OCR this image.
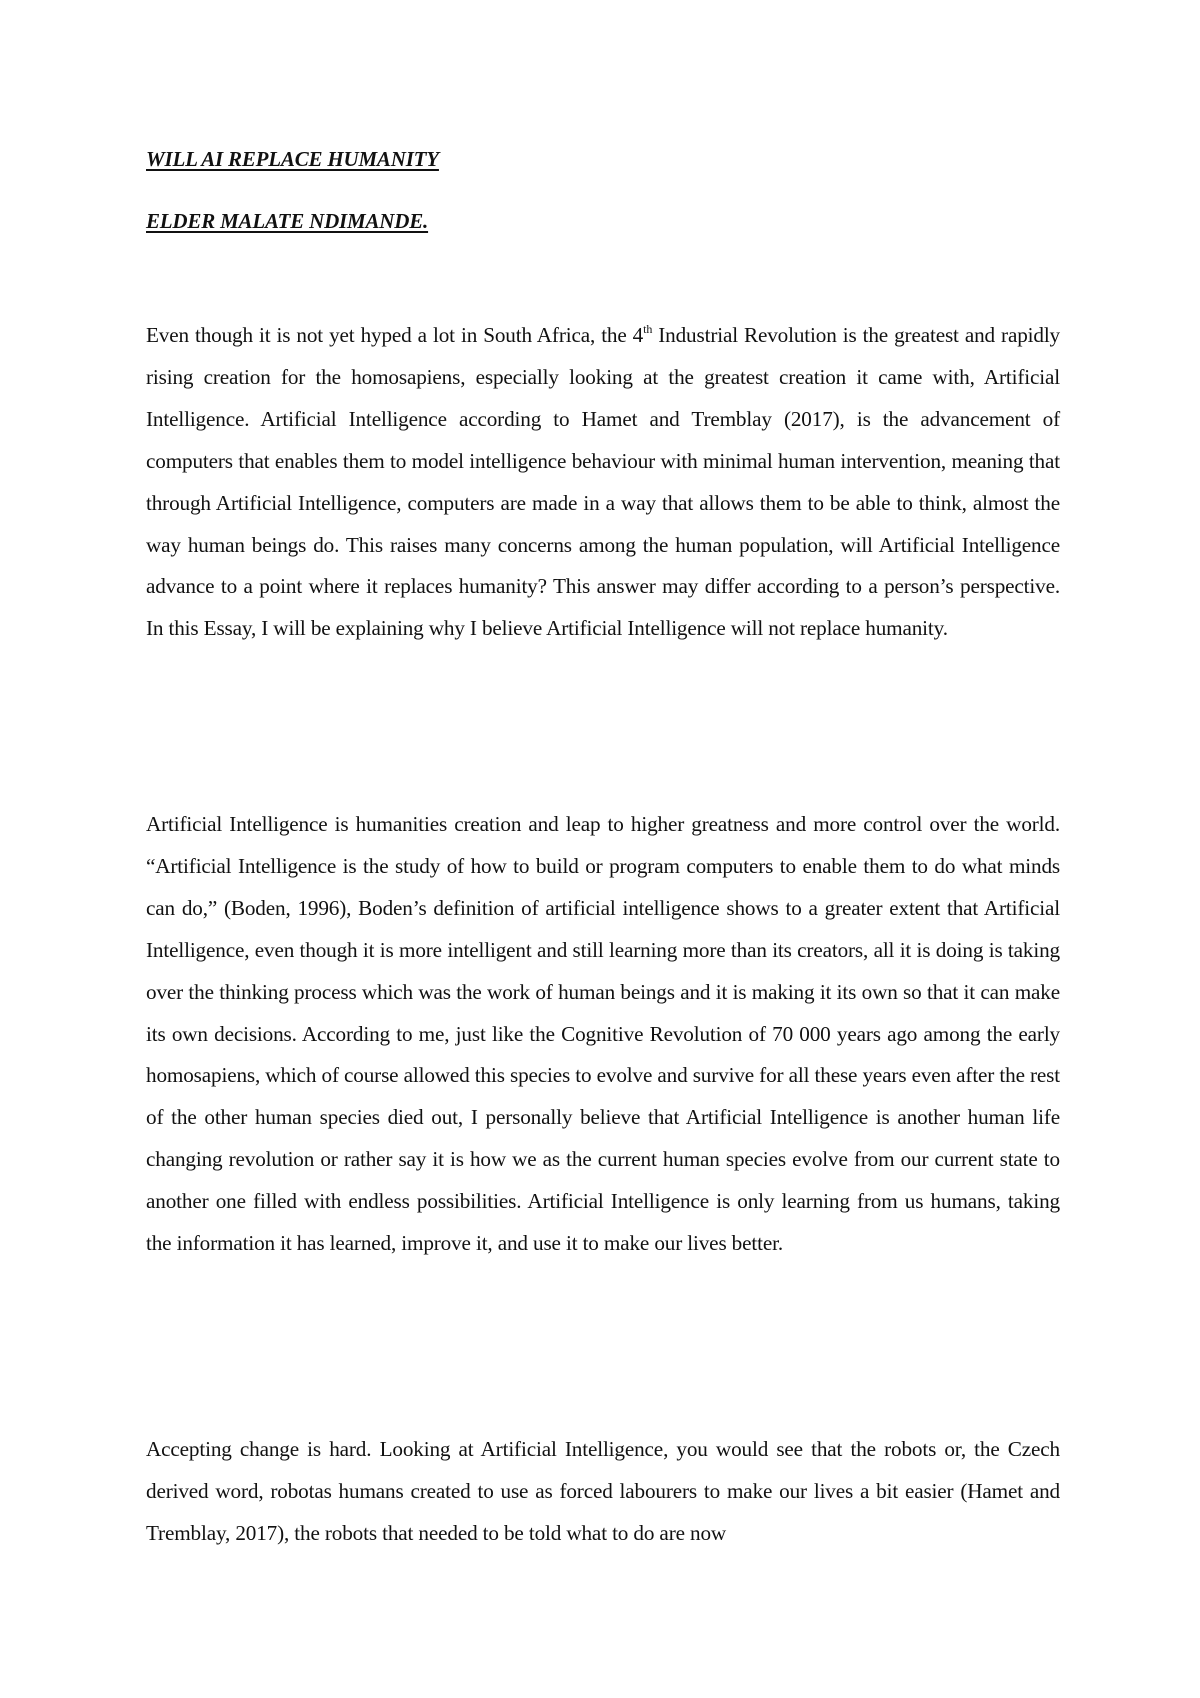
WILL AI REPLACE HUMANITY
ELDER MALATE NDIMANDE.

Even though it is not yet hyped a lot in South Africa, the 4th Industrial Revolution is the greatest and rapidly rising creation for the homosapiens, especially looking at the greatest creation it came with, Artificial Intelligence. Artificial Intelligence according to Hamet and Tremblay (2017), is the advancement of computers that enables them to model intelligence behaviour with minimal human intervention, meaning that through Artificial Intelligence, computers are made in a way that allows them to be able to think, almost the way human beings do. This raises many concerns among the human population, will Artificial Intelligence advance to a point where it replaces humanity? This answer may differ according to a person’s perspective. In this Essay, I will be explaining why I believe Artificial Intelligence will not replace humanity.

Artificial Intelligence is humanities creation and leap to higher greatness and more control over the world. “Artificial Intelligence is the study of how to build or program computers to enable them to do what minds can do,” (Boden, 1996), Boden’s definition of artificial intelligence shows to a greater extent that Artificial Intelligence, even though it is more intelligent and still learning more than its creators, all it is doing is taking over the thinking process which was the work of human beings and it is making it its own so that it can make its own decisions. According to me, just like the Cognitive Revolution of 70 000 years ago among the early homosapiens, which of course allowed this species to evolve and survive for all these years even after the rest of the other human species died out, I personally believe that Artificial Intelligence is another human life changing revolution or rather say it is how we as the current human species evolve from our current state to another one filled with endless possibilities. Artificial Intelligence is only learning from us humans, taking the information it has learned, improve it, and use it to make our lives better.

Accepting change is hard. Looking at Artificial Intelligence, you would see that the robots or, the Czech derived word, robotas humans created to use as forced labourers to make our lives a bit easier (Hamet and Tremblay, 2017), the robots that needed to be told what to do are now
